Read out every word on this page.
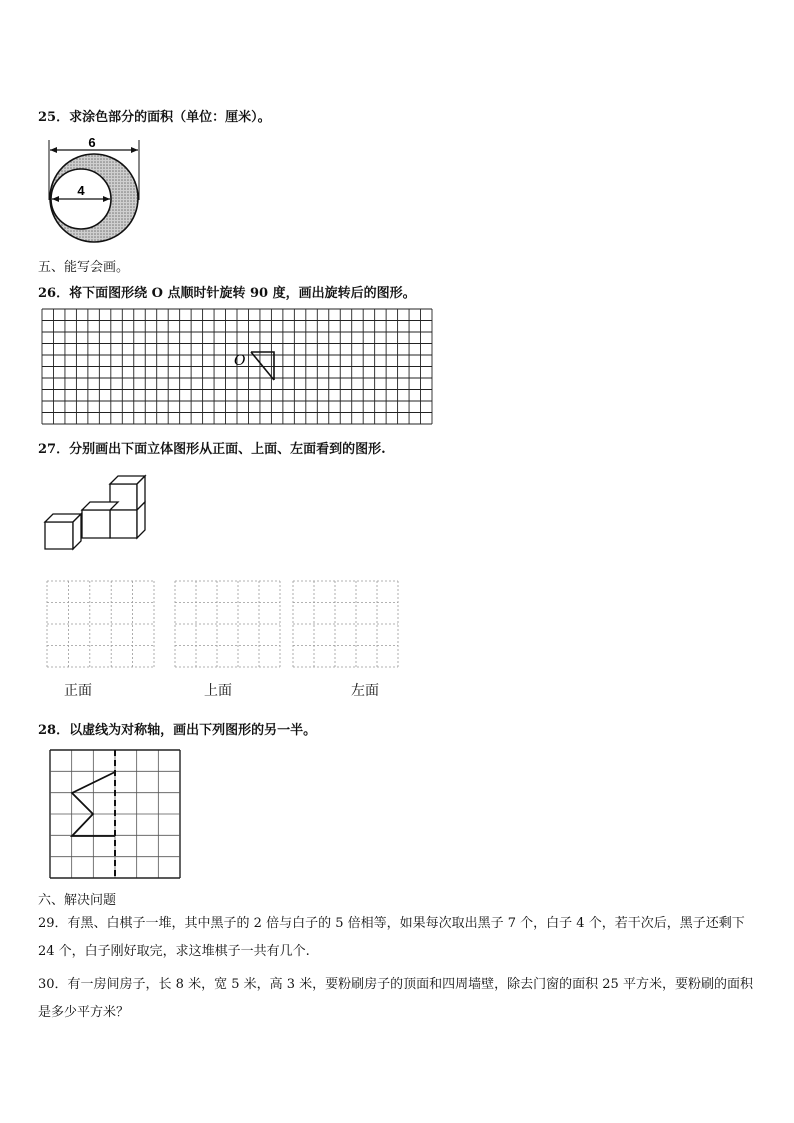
25．求涂色部分的面积（单位：厘米）。
6
4
五、能写会画。
26．将下面图形绕 O 点顺时针旋转 90 度，画出旋转后的图形。
O
27．分别画出下面立体图形从正面、上面、左面看到的图形.
正面	上面	左面
28．以虚线为对称轴，画出下列图形的另一半。
六、解决问题
29．有黑、白棋子一堆，其中黑子的 2 倍与白子的 5 倍相等，如果每次取出黑子 7 个，白子 4 个，若干次后，黑子还剩下 24 个，白子刚好取完，求这堆棋子一共有几个.
30．有一房间房子，长 8 米，宽 5 米，高 3 米，要粉刷房子的顶面和四周墙壁，除去门窗的面积 25 平方米，要粉刷的面积是多少平方米？
